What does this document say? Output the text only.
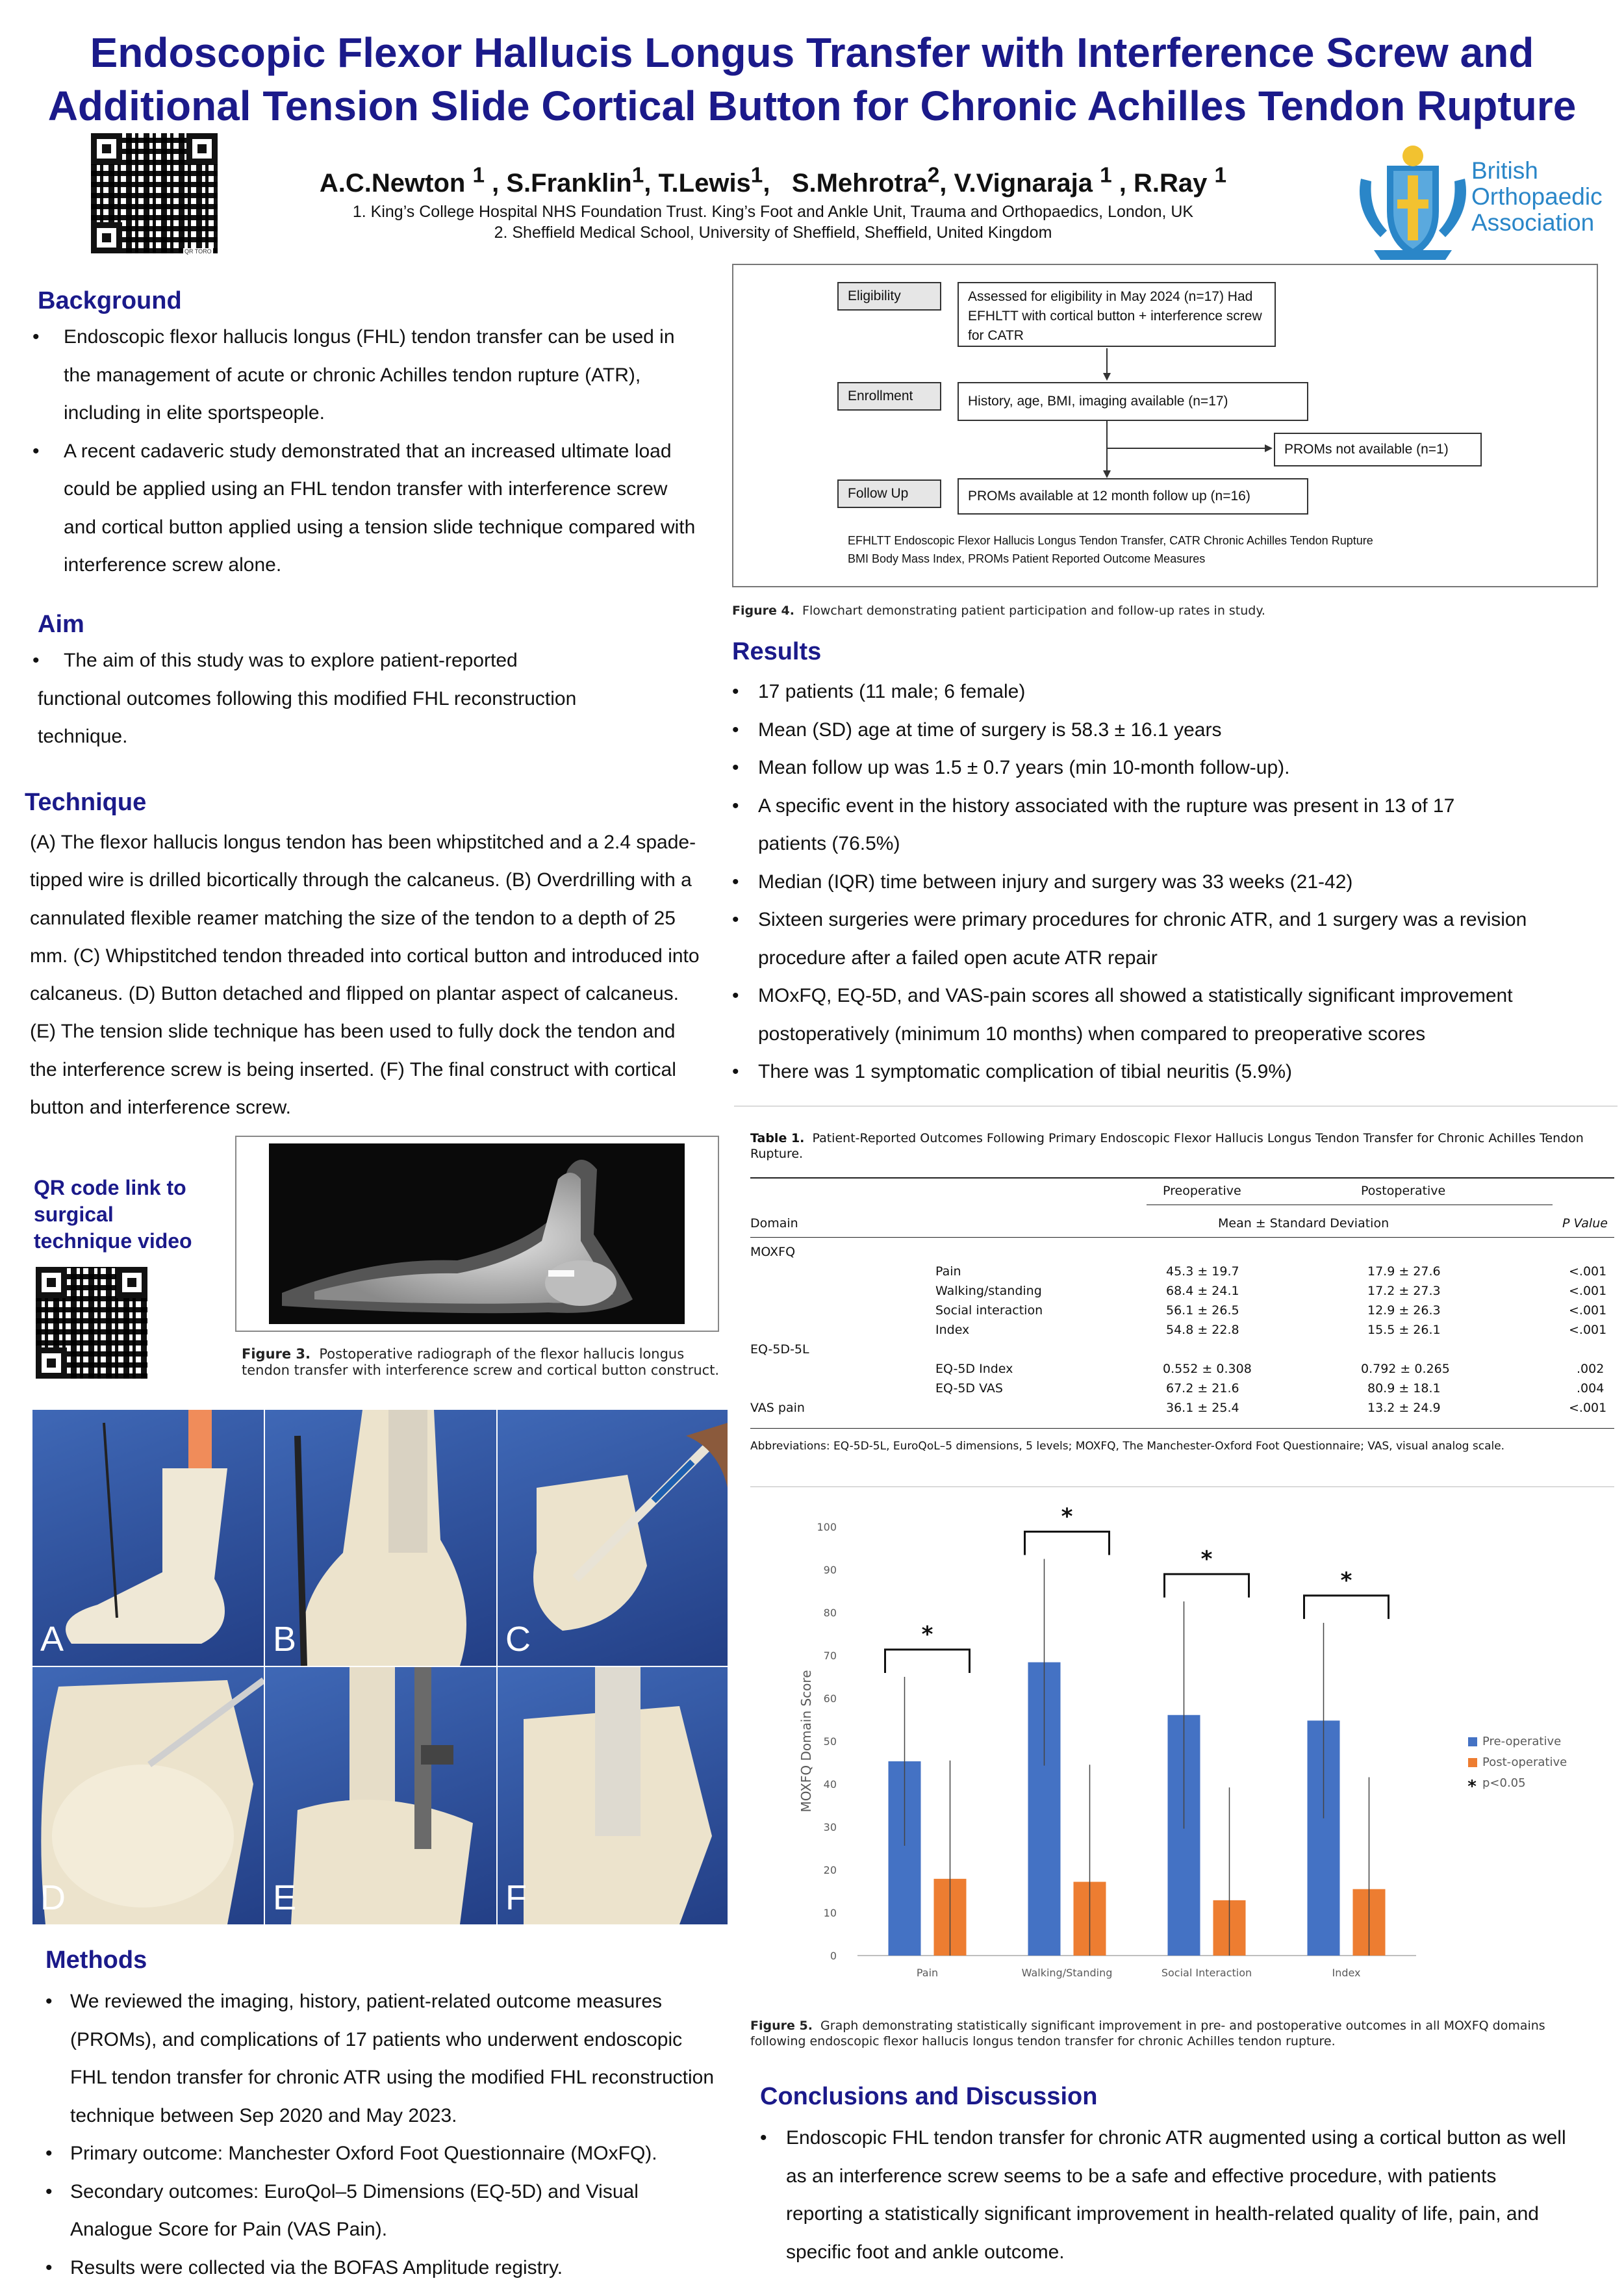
Endoscopic Flexor Hallucis Longus Transfer with Interference Screw and
Additional Tension Slide Cortical Button for Chronic Achilles Tendon Rupture
QR TORO
A.C.Newton $^1$ , S.Franklin$^1$, T.Lewis$^1$,   S.Mehrotra$^2$, V.Vignaraja $^1$ , R.Ray $^1$
1. King’s College Hospital NHS Foundation Trust. King’s Foot and Ankle Unit, Trauma and Orthopaedics, London, UK
2. Sheffield Medical School, University of Sheffield, Sheffield, United Kingdom
British
Orthopaedic
Association
Background
• Endoscopic flexor hallucis longus (FHL) tendon transfer can be used in the management of acute or chronic Achilles tendon rupture (ATR), including in elite sportspeople.
• A recent cadaveric study demonstrated that an increased ultimate load could be applied using an FHL tendon transfer with interference screw and cortical button applied using a tension slide technique compared with interference screw alone.
Aim
• The aim of this study was to explore patient-reported
functional outcomes following this modified FHL reconstruction technique.
Technique
(A) The flexor hallucis longus tendon has been whipstitched and a 2.4 spade-tipped wire is drilled bicortically through the calcaneus. (B) Overdrilling with a cannulated flexible reamer matching the size of the tendon to a depth of 25 mm. (C) Whipstitched tendon threaded into cortical button and introduced into calcaneus. (D) Button detached and flipped on plantar aspect of calcaneus. (E) The tension slide technique has been used to fully dock the tendon and the interference screw is being inserted. (F) The final construct with cortical button and interference screw.
QR code link to
surgical
technique video
Figure 3. Postoperative radiograph of the flexor hallucis longus tendon transfer with interference screw and cortical button construct.
A	B	C
D	E	F
Methods
• We reviewed the imaging, history, patient-related outcome measures (PROMs), and complications of 17 patients who underwent endoscopic FHL tendon transfer for chronic ATR using the modified FHL reconstruction technique between Sep 2020 and May 2023.
• Primary outcome: Manchester Oxford Foot Questionnaire (MOxFQ).
• Secondary outcomes: EuroQol–5 Dimensions (EQ-5D) and Visual Analogue Score for Pain (VAS Pain).
• Results were collected via the BOFAS Amplitude registry.
Eligibility
Enrollment
Follow Up
Assessed for eligibility in May 2024 (n=17) Had EFHLTT with cortical button + interference screw for CATR
History, age, BMI, imaging available (n=17)
PROMs not available (n=1)
PROMs available at 12 month follow up (n=16)
EFHLTT Endoscopic Flexor Hallucis Longus Tendon Transfer, CATR Chronic Achilles Tendon Rupture
BMI Body Mass Index, PROMs Patient Reported Outcome Measures
Figure 4. Flowchart demonstrating patient participation and follow-up rates in study.
Results
• 17 patients (11 male; 6 female)
• Mean (SD) age at time of surgery is 58.3 ± 16.1 years
• Mean follow up was 1.5 ± 0.7 years (min 10-month follow-up).
• A specific event in the history associated with the rupture was present in 13 of 17 patients (76.5%)
• Median (IQR) time between injury and surgery was 33 weeks (21-42)
• Sixteen surgeries were primary procedures for chronic ATR, and 1 surgery was a revision procedure after a failed open acute ATR repair
• MOxFQ, EQ-5D, and VAS-pain scores all showed a statistically significant improvement postoperatively (minimum 10 months) when compared to preoperative scores
• There was 1 symptomatic complication of tibial neuritis (5.9%)
Table 1. Patient-Reported Outcomes Following Primary Endoscopic Flexor Hallucis Longus Tendon Transfer for Chronic Achilles Tendon Rupture.
Preoperative	Postoperative
Domain	Mean ± Standard Deviation	P Value
MOXFQ
Pain	45.3 ± 19.7	17.9 ± 27.6	<.001
Walking/standing	68.4 ± 24.1	17.2 ± 27.3	<.001
Social interaction	56.1 ± 26.5	12.9 ± 26.3	<.001
Index	54.8 ± 22.8	15.5 ± 26.1	<.001
EQ-5D-5L
EQ-5D Index	0.552 ± 0.308	0.792 ± 0.265	.002
EQ-5D VAS	67.2 ± 21.6	80.9 ± 18.1	.004
VAS pain	36.1 ± 25.4	13.2 ± 24.9	<.001
Abbreviations: EQ-5D-5L, EuroQoL–5 dimensions, 5 levels; MOXFQ, The Manchester-Oxford Foot Questionnaire; VAS, visual analog scale.
0
10
20
30
40
50
60
70
80
90
100
MOXFQ Domain Score
Pain
*
Walking/Standing
*
Social Interaction
*
Index
*
Pre-operative
Post-operative
* p<0.05
Figure 5. Graph demonstrating statistically significant improvement in pre- and postoperative outcomes in all MOXFQ domains following endoscopic flexor hallucis longus tendon transfer for chronic Achilles tendon rupture.
Conclusions and Discussion
• Endoscopic FHL tendon transfer for chronic ATR augmented using a cortical button as well as an interference screw seems to be a safe and effective procedure, with patients reporting a statistically significant improvement in health-related quality of life, pain, and specific foot and ankle outcome.
